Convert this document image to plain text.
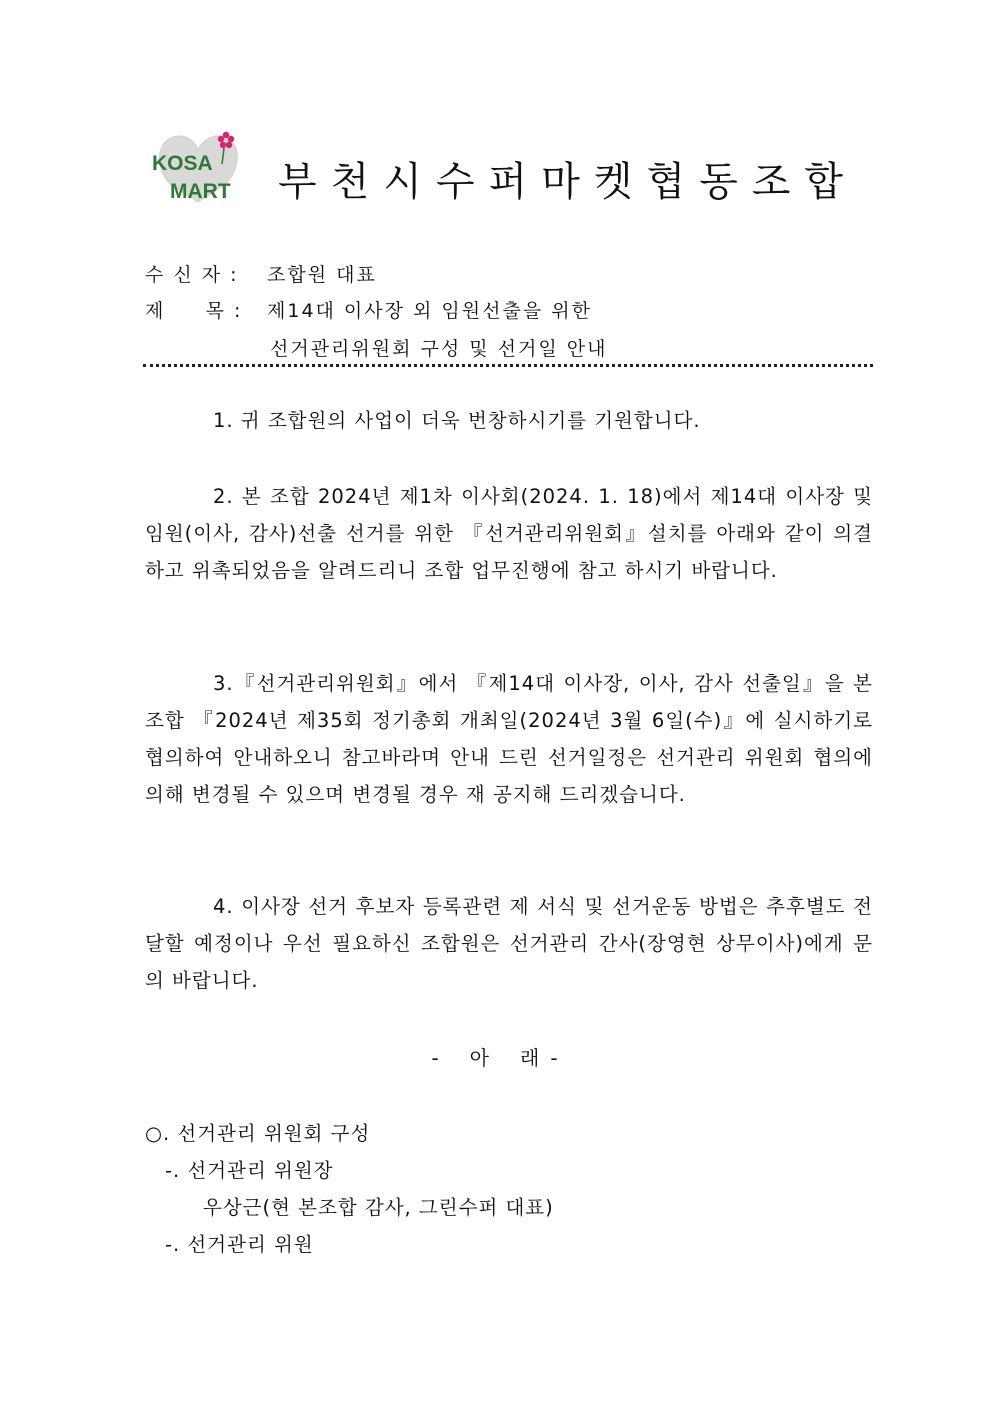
KOSA
MART 부천시수퍼마켓협동조합
수 신 자 : 조합원 대표
제     목 : 제14대 이사장 외 임원선출을 위한
선거관리위원회 구성 및 선거일 안내
1. 귀 조합원의 사업이 더욱 번창하시기를 기원합니다.
2. 본 조합 2024년 제1차 이사회(2024. 1. 18)에서 제14대 이사장 및 임원(이사, 감사)선출 선거를 위한 『선거관리위원회』설치를 아래와 같이 의결하고 위촉되었음을 알려드리니 조합 업무진행에 참고 하시기 바랍니다.
3.『선거관리위원회』에서 『제14대 이사장, 이사, 감사 선출일』을 본조합 『2024년 제35회 정기총회 개최일(2024년 3월 6일(수)』에 실시하기로 협의하여 안내하오니 참고바라며 안내 드린 선거일정은 선거관리 위원회 협의에 의해 변경될 수 있으며 변경될 경우 재 공지해 드리겠습니다.
4. 이사장 선거 후보자 등록관련 제 서식 및 선거운동 방법은 추후별도 전달할 예정이나 우선 필요하신 조합원은 선거관리 간사(장영현 상무이사)에게 문의 바랍니다.
- 아 래 -
○. 선거관리 위원회 구성
-. 선거관리 위원장
우상근(현 본조합 감사, 그린수퍼 대표)
-. 선거관리 위원
